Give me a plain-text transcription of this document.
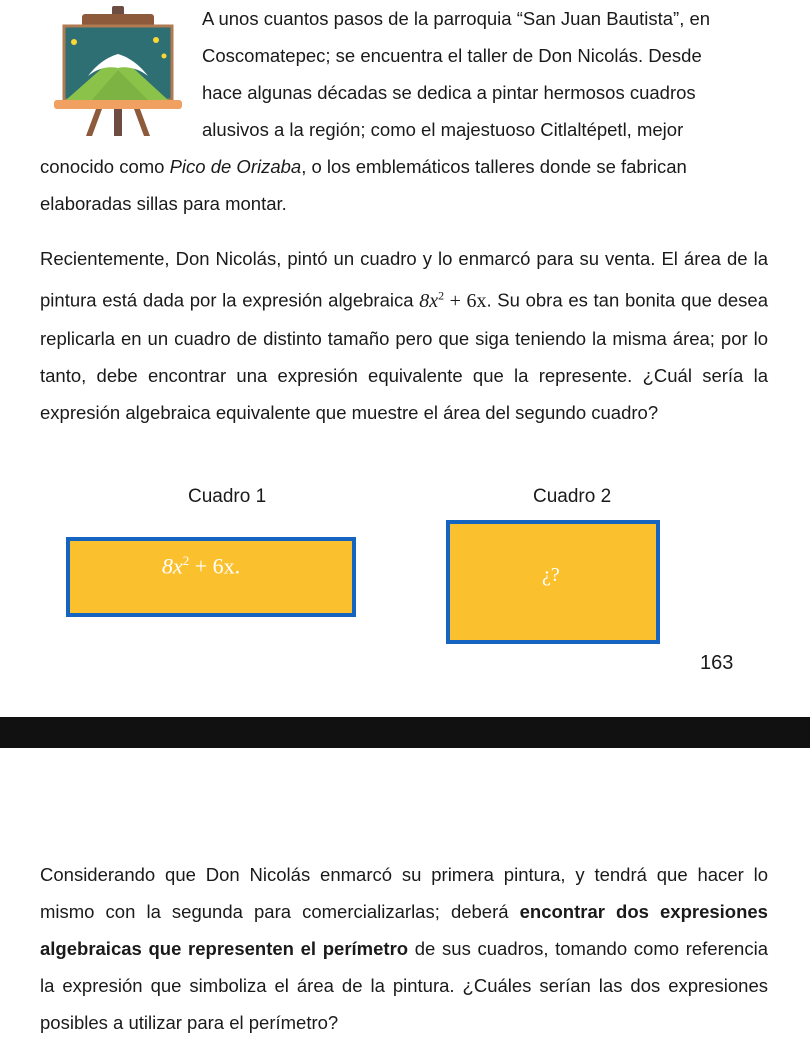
A unos cuantos pasos de la parroquia “San Juan Bautista”, en
Coscomatepec; se encuentra el taller de Don Nicolás. Desde
hace algunas décadas se dedica a pintar hermosos cuadros
alusivos a la región; como el majestuoso Citlaltépetl, mejor
conocido como Pico de Orizaba, o los emblemáticos talleres donde se fabrican
elaboradas sillas para montar.

Recientemente, Don Nicolás, pintó un cuadro y lo enmarcó para su venta. El área de la pintura está dada por la expresión algebraica $8x^2 + 6x$. Su obra es tan bonita que desea replicarla en un cuadro de distinto tamaño pero que siga teniendo la misma área; por lo tanto, debe encontrar una expresión equivalente que la represente. ¿Cuál sería la expresión algebraica equivalente que muestre el área del segundo cuadro?

Cuadro 1	Cuadro 2
$8x^2 + 6x$.	¿?
163

Considerando que Don Nicolás enmarcó su primera pintura, y tendrá que hacer lo mismo con la segunda para comercializarlas; deberá encontrar dos expresiones algebraicas que representen el perímetro de sus cuadros, tomando como referencia la expresión que simboliza el área de la pintura. ¿Cuáles serían las dos expresiones posibles a utilizar para el perímetro?
